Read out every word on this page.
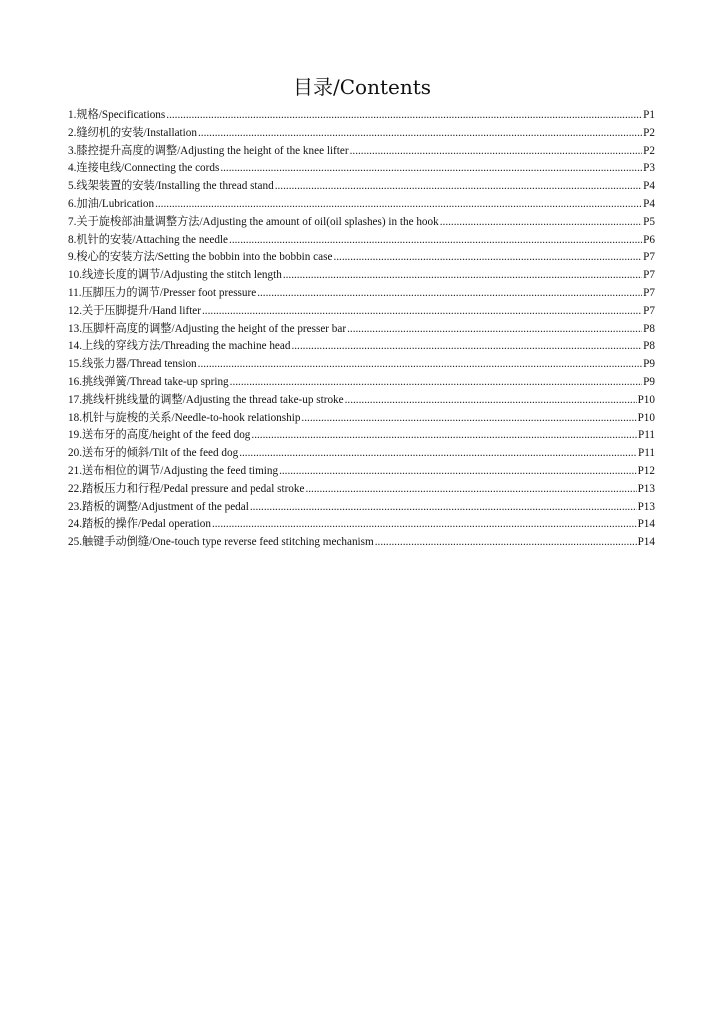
目录/Contents
1.规格/Specifications .....	P1
2.缝纫机的安装/Installation .....	P2
3.膝控提升高度的调整/Adjusting the height of the knee lifter .....	P2
4.连接电线/Connecting the cords .....	P3
5.线架装置的安装/Installing the thread stand .....	P4
6.加油/Lubrication .....	P4
7.关于旋梭部油量调整方法/Adjusting the amount of oil(oil splashes) in the hook .....	P5
8.机针的安装/Attaching the needle .....	P6
9.梭心的安装方法/Setting the bobbin into the bobbin case .....	P7
10.线迹长度的调节/Adjusting the stitch length .....	P7
11.压脚压力的调节/Presser foot pressure .....	P7
12.关于压脚提升/Hand lifter .....	P7
13.压脚杆高度的调整/Adjusting the height of the presser bar .....	P8
14.上线的穿线方法/Threading the machine head .....	P8
15.线张力器/Thread tension .....	P9
16.挑线弹簧/Thread take-up spring .....	P9
17.挑线杆挑线量的调整/Adjusting the thread take-up stroke .....	P10
18.机针与旋梭的关系/Needle-to-hook relationship .....	P10
19.送布牙的高度/height of the feed dog .....	P11
20.送布牙的倾斜/Tilt of the feed dog .....	P11
21.送布相位的调节/Adjusting the feed timing .....	P12
22.踏板压力和行程/Pedal pressure and pedal stroke .....	P13
23.踏板的调整/Adjustment of the pedal .....	P13
24.踏板的操作/Pedal operation .....	P14
25.触键手动倒缝/One-touch type reverse feed stitching mechanism .....	P14
